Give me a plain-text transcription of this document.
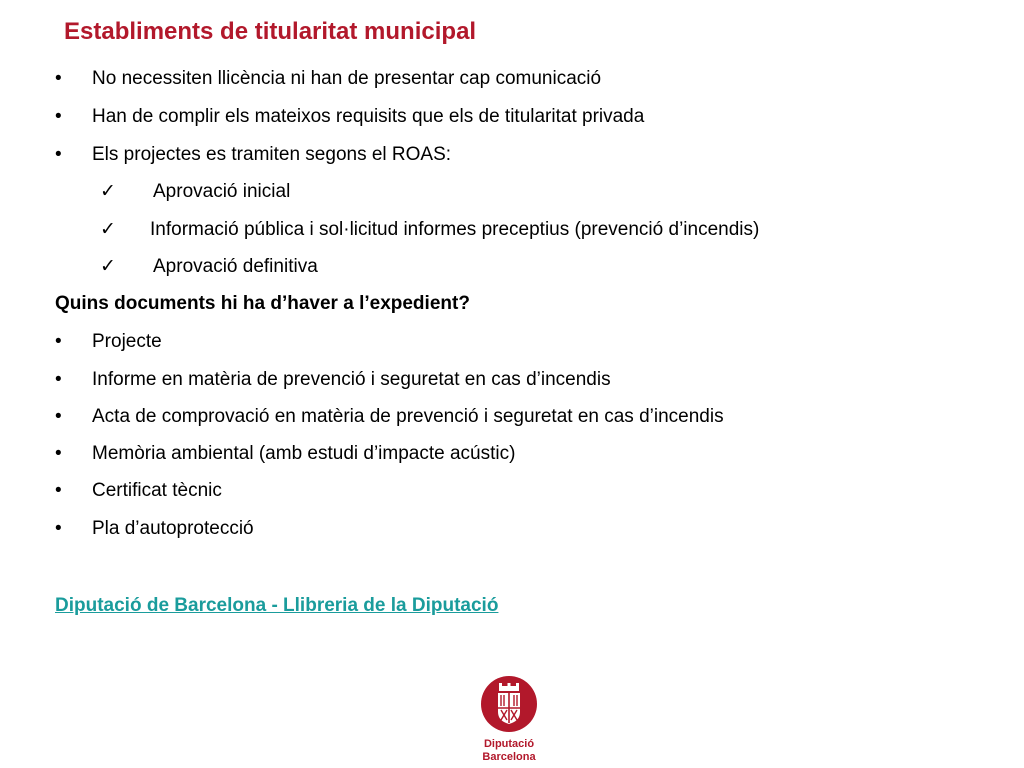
Establiments de titularitat municipal
• No necessiten llicència ni han de presentar cap comunicació
• Han de complir els mateixos requisits que els de titularitat privada
• Els projectes es tramiten segons el ROAS:
✓ Aprovació inicial
✓ Informació pública i sol·licitud informes preceptius (prevenció d’incendis)
✓ Aprovació definitiva
Quins documents hi ha d’haver a l’expedient?
• Projecte
• Informe en matèria de prevenció i seguretat en cas d’incendis
• Acta de comprovació en matèria de prevenció i seguretat en cas d’incendis
• Memòria ambiental (amb estudi d’impacte acústic)
• Certificat tècnic
• Pla d’autoprotecció
Diputació de Barcelona - Llibreria de la Diputació
Diputació
Barcelona
